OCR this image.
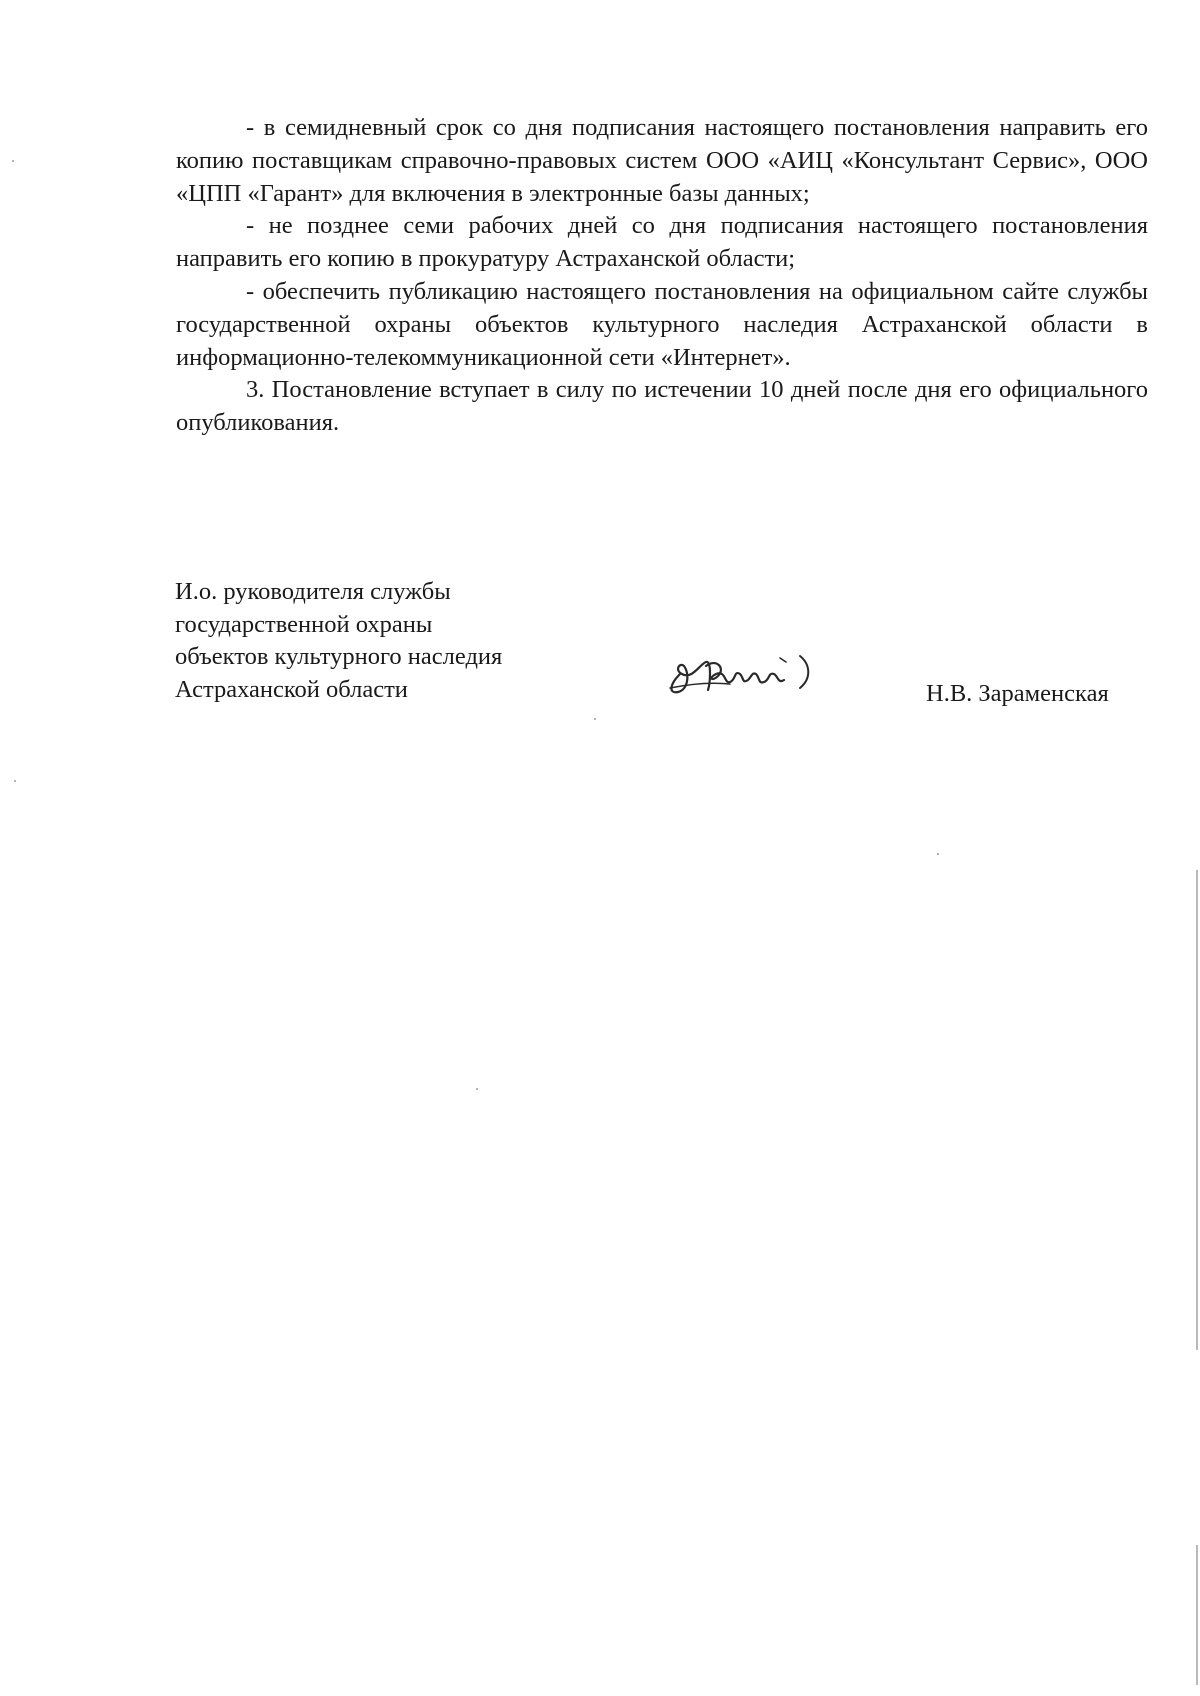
- в семидневный срок со дня подписания настоящего постановления направить его копию поставщикам справочно-правовых систем ООО «АИЦ «Консультант Сервис», ООО «ЦПП «Гарант» для включения в электронные базы данных;

- не позднее семи рабочих дней со дня подписания настоящего постановления направить его копию в прокуратуру Астраханской области;

- обеспечить публикацию настоящего постановления на официальном сайте службы государственной охраны объектов культурного наследия Астраханской области в информационно-телекоммуникационной сети «Интернет».

3. Постановление вступает в силу по истечении 10 дней после дня его официального опубликования.

И.о. руководителя службы
государственной охраны
объектов культурного наследия
Астраханской области	Н.В. Зараменская
